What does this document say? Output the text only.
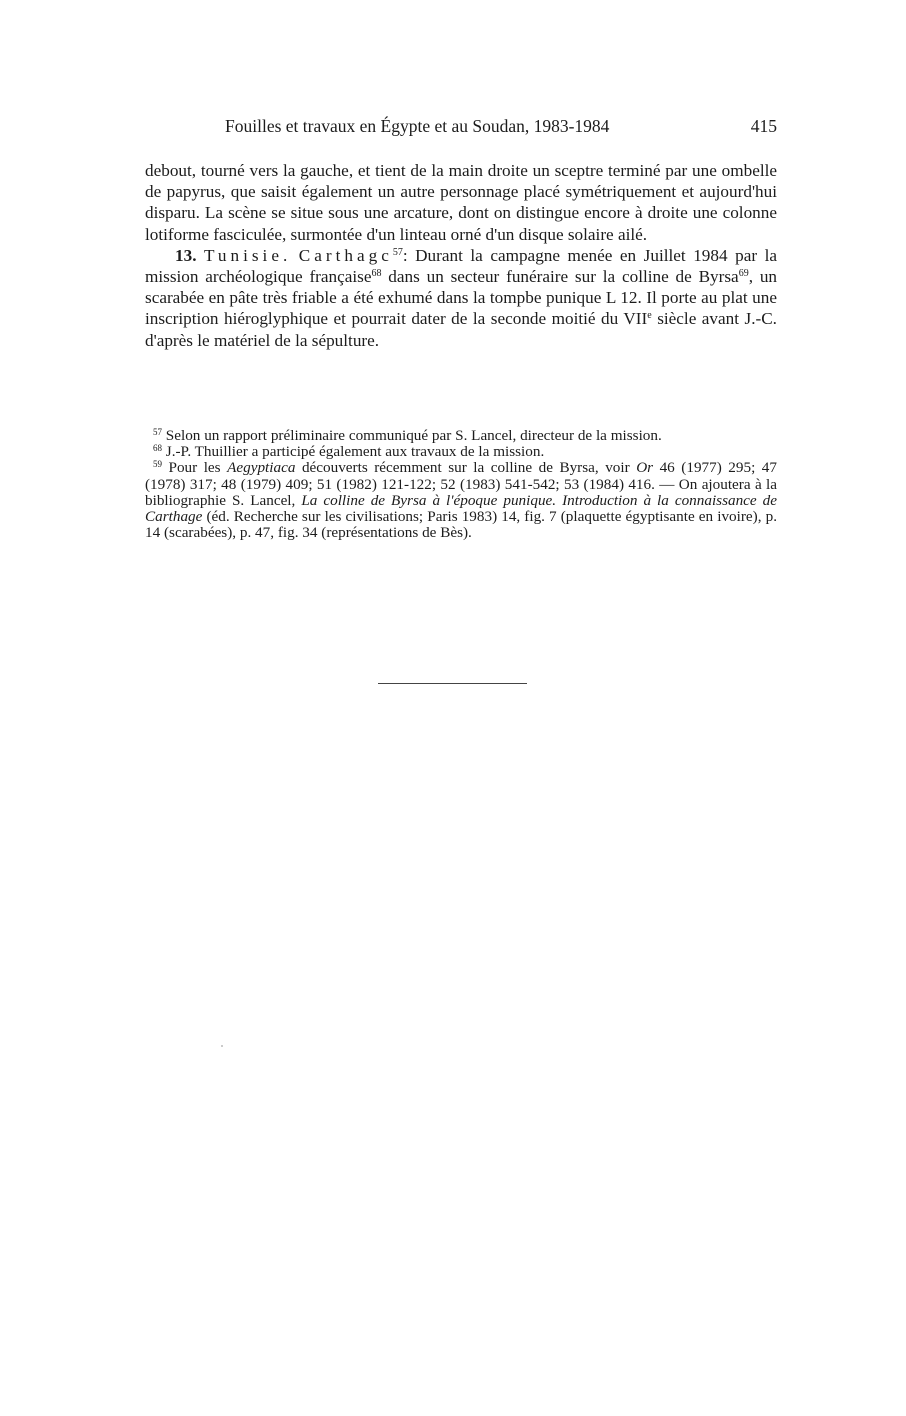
Fouilles et travaux en Égypte et au Soudan, 1983-1984	415

debout, tourné vers la gauche, et tient de la main droite un sceptre terminé par une ombelle de papyrus, que saisit également un autre personnage placé symétriquement et aujourd'hui disparu. La scène se situe sous une arcature, dont on distingue encore à droite une colonne lotiforme fasciculée, surmontée d'un linteau orné d'un disque solaire ailé.

13. Tunisie. Carthagc$^{57}$: Durant la campagne menée en Juillet 1984 par la mission archéologique française$^{68}$ dans un secteur funéraire sur la colline de Byrsa$^{69}$, un scarabée en pâte très friable a été exhumé dans la tompbe punique L 12. Il porte au plat une inscription hiéroglyphique et pourrait dater de la seconde moitié du VIIe siècle avant J.-C. d'après le matériel de la sépulture.

$^{57}$ Selon un rapport préliminaire communiqué par S. Lancel, directeur de la mission.

$^{68}$ J.-P. Thuillier a participé également aux travaux de la mission.

$^{59}$ Pour les Aegyptiaca découverts récemment sur la colline de Byrsa, voir Or 46 (1977) 295; 47 (1978) 317; 48 (1979) 409; 51 (1982) 121-122; 52 (1983) 541-542; 53 (1984) 416. — On ajoutera à la bibliographie S. Lancel, La colline de Byrsa à l'époque punique. Introduction à la connaissance de Carthage (éd. Recherche sur les civilisations; Paris 1983) 14, fig. 7 (plaquette égyptisante en ivoire), p. 14 (scarabées), p. 47, fig. 34 (représentations de Bès).
